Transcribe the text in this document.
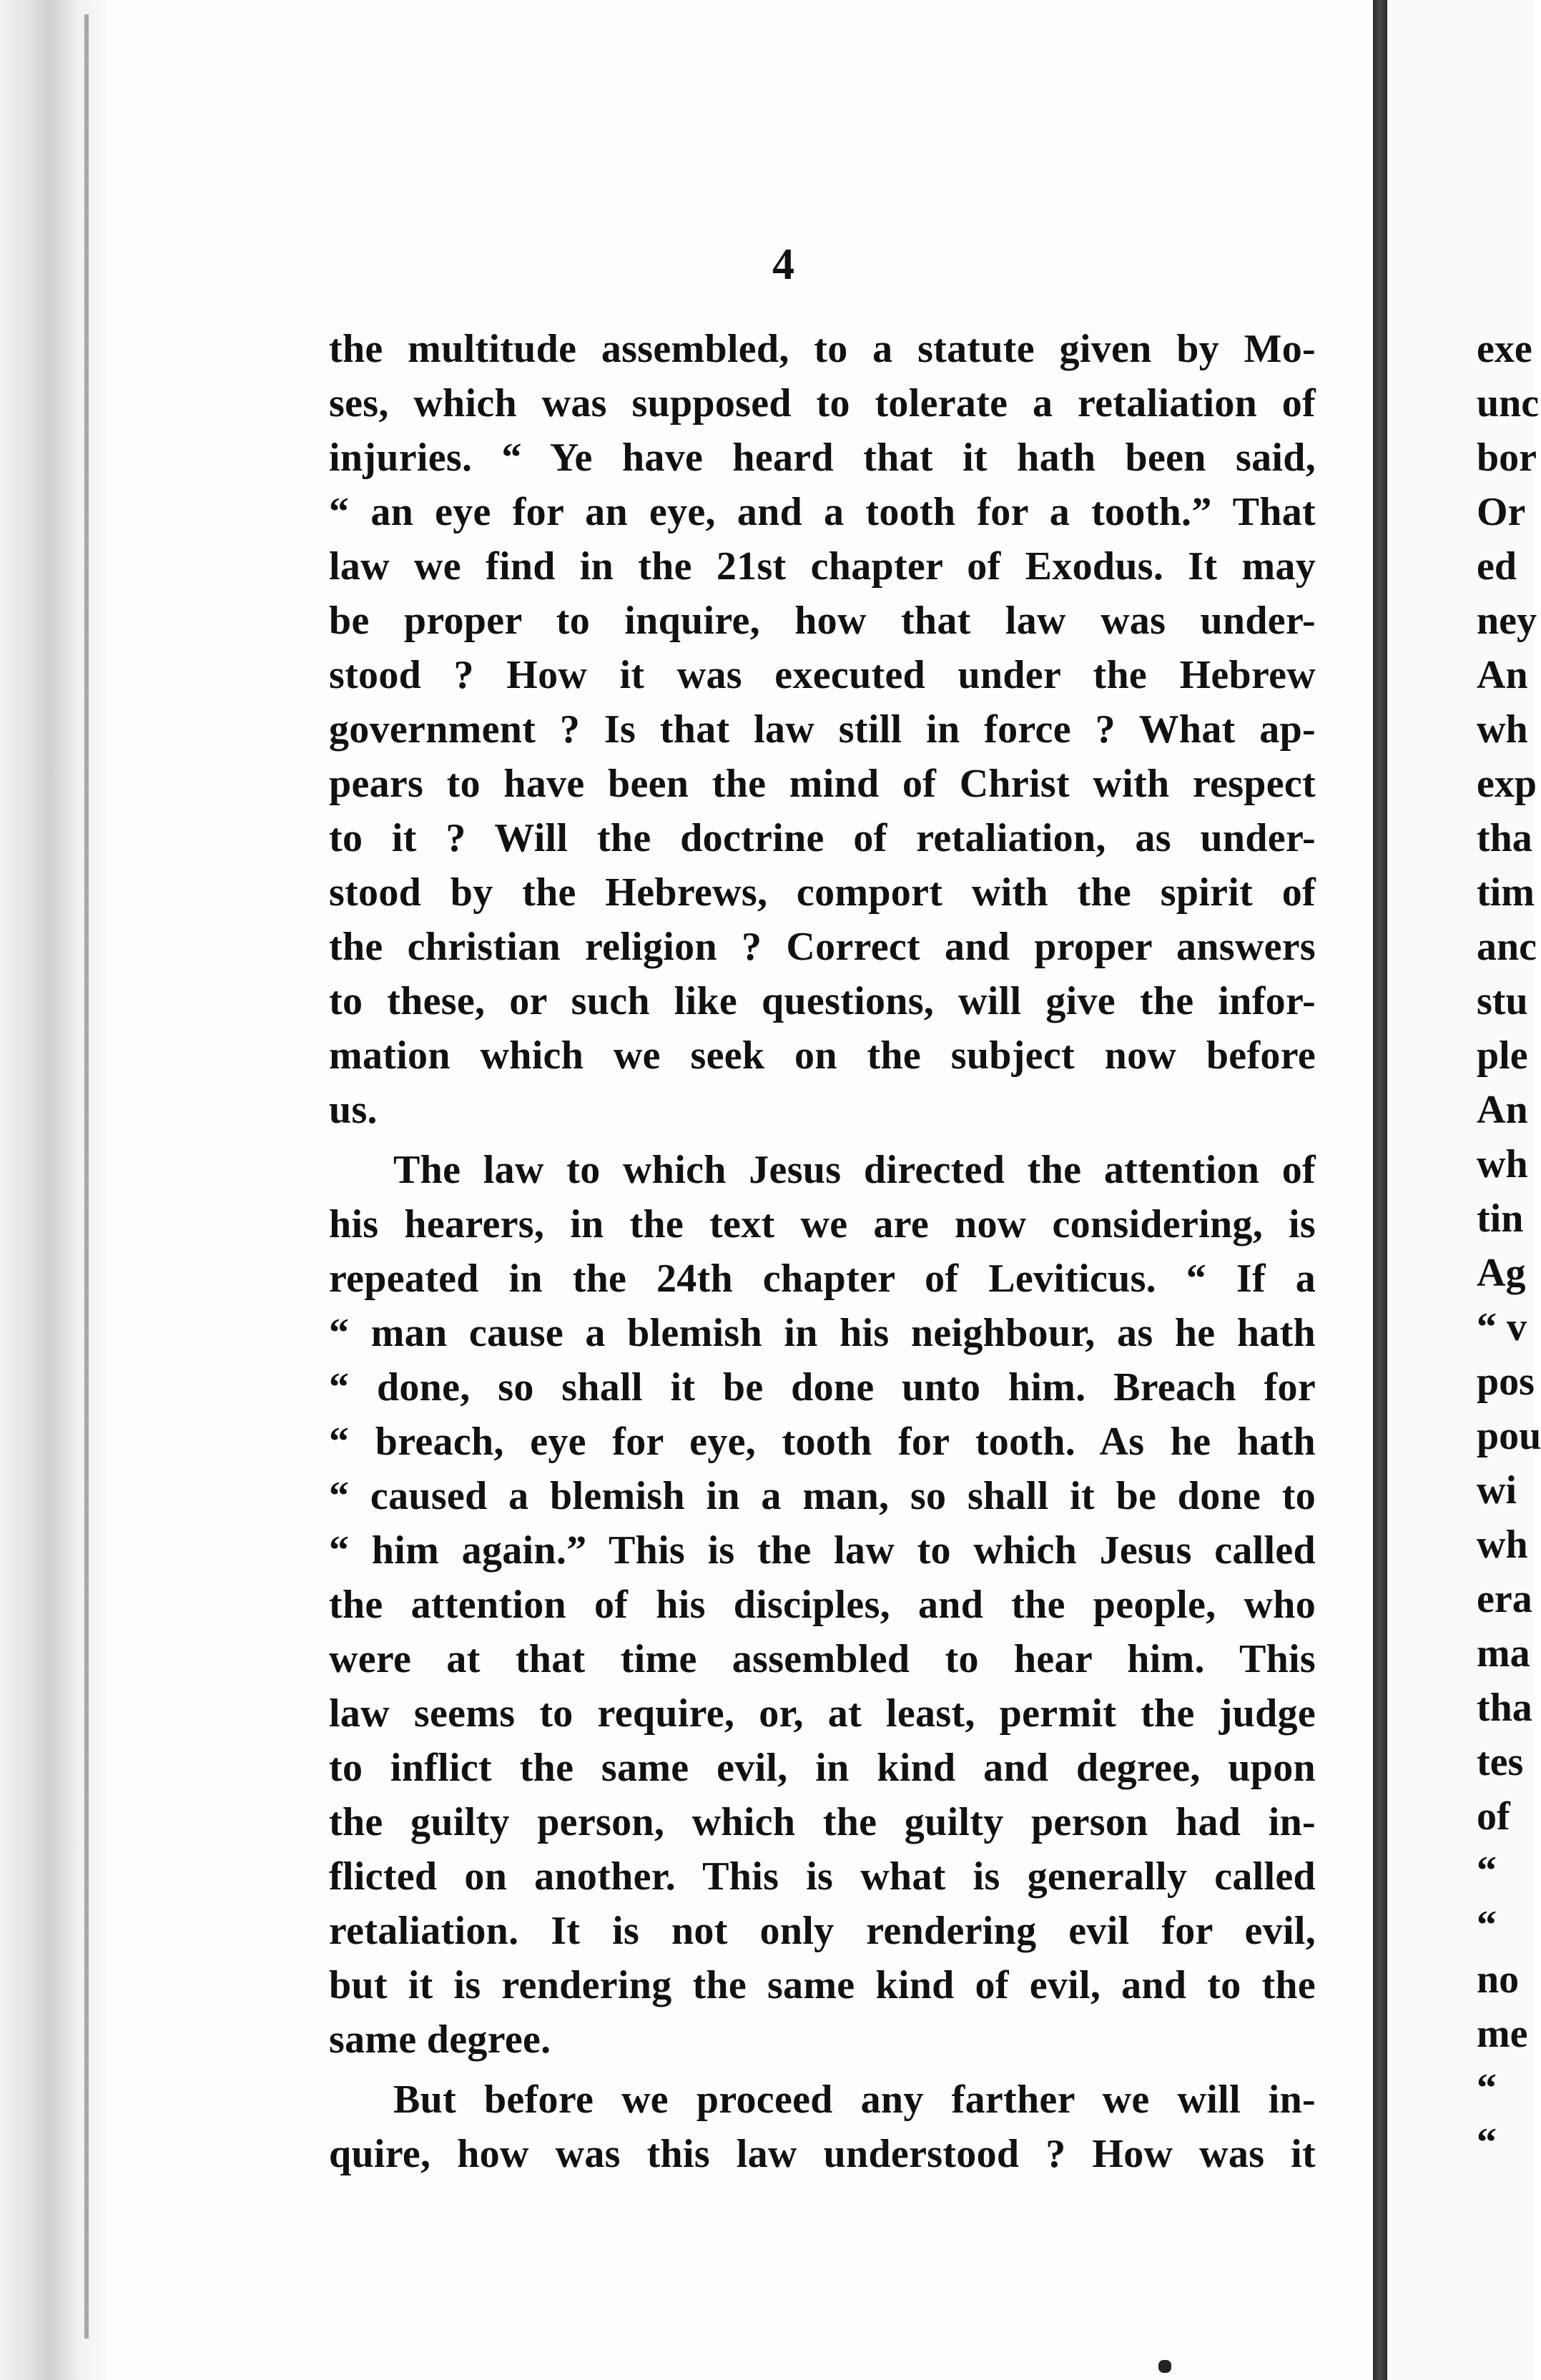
4
the multitude assembled, to a statute given by Mo-
ses, which was supposed to tolerate a retaliation of
injuries. “ Ye have heard that it hath been said,
“ an eye for an eye, and a tooth for a tooth.” That
law we find in the 21st chapter of Exodus. It may
be proper to inquire, how that law was under-
stood ? How it was executed under the Hebrew
government ? Is that law still in force ? What ap-
pears to have been the mind of Christ with respect
to it ? Will the doctrine of retaliation, as under-
stood by the Hebrews, comport with the spirit of
the christian religion ? Correct and proper answers
to these, or such like questions, will give the infor-
mation which we seek on the subject now before
us.
The law to which Jesus directed the attention of
his hearers, in the text we are now considering, is
repeated in the 24th chapter of Leviticus. “ If a
“ man cause a blemish in his neighbour, as he hath
“ done, so shall it be done unto him. Breach for
“ breach, eye for eye, tooth for tooth. As he hath
“ caused a blemish in a man, so shall it be done to
“ him again.” This is the law to which Jesus called
the attention of his disciples, and the people, who
were at that time assembled to hear him. This
law seems to require, or, at least, permit the judge
to inflict the same evil, in kind and degree, upon
the guilty person, which the guilty person had in-
flicted on another. This is what is generally called
retaliation. It is not only rendering evil for evil,
but it is rendering the same kind of evil, and to the
same degree.
But before we proceed any farther we will in-
quire, how was this law understood ? How was it
exe
unc
bor
Or
ed
ney
An
wh
exp
tha
tim
anc
stu
ple
An
wh
tin
Ag
“ v
pos
pou
wi
wh
era
ma
tha
tes
of
“
“
no
me
“
“
